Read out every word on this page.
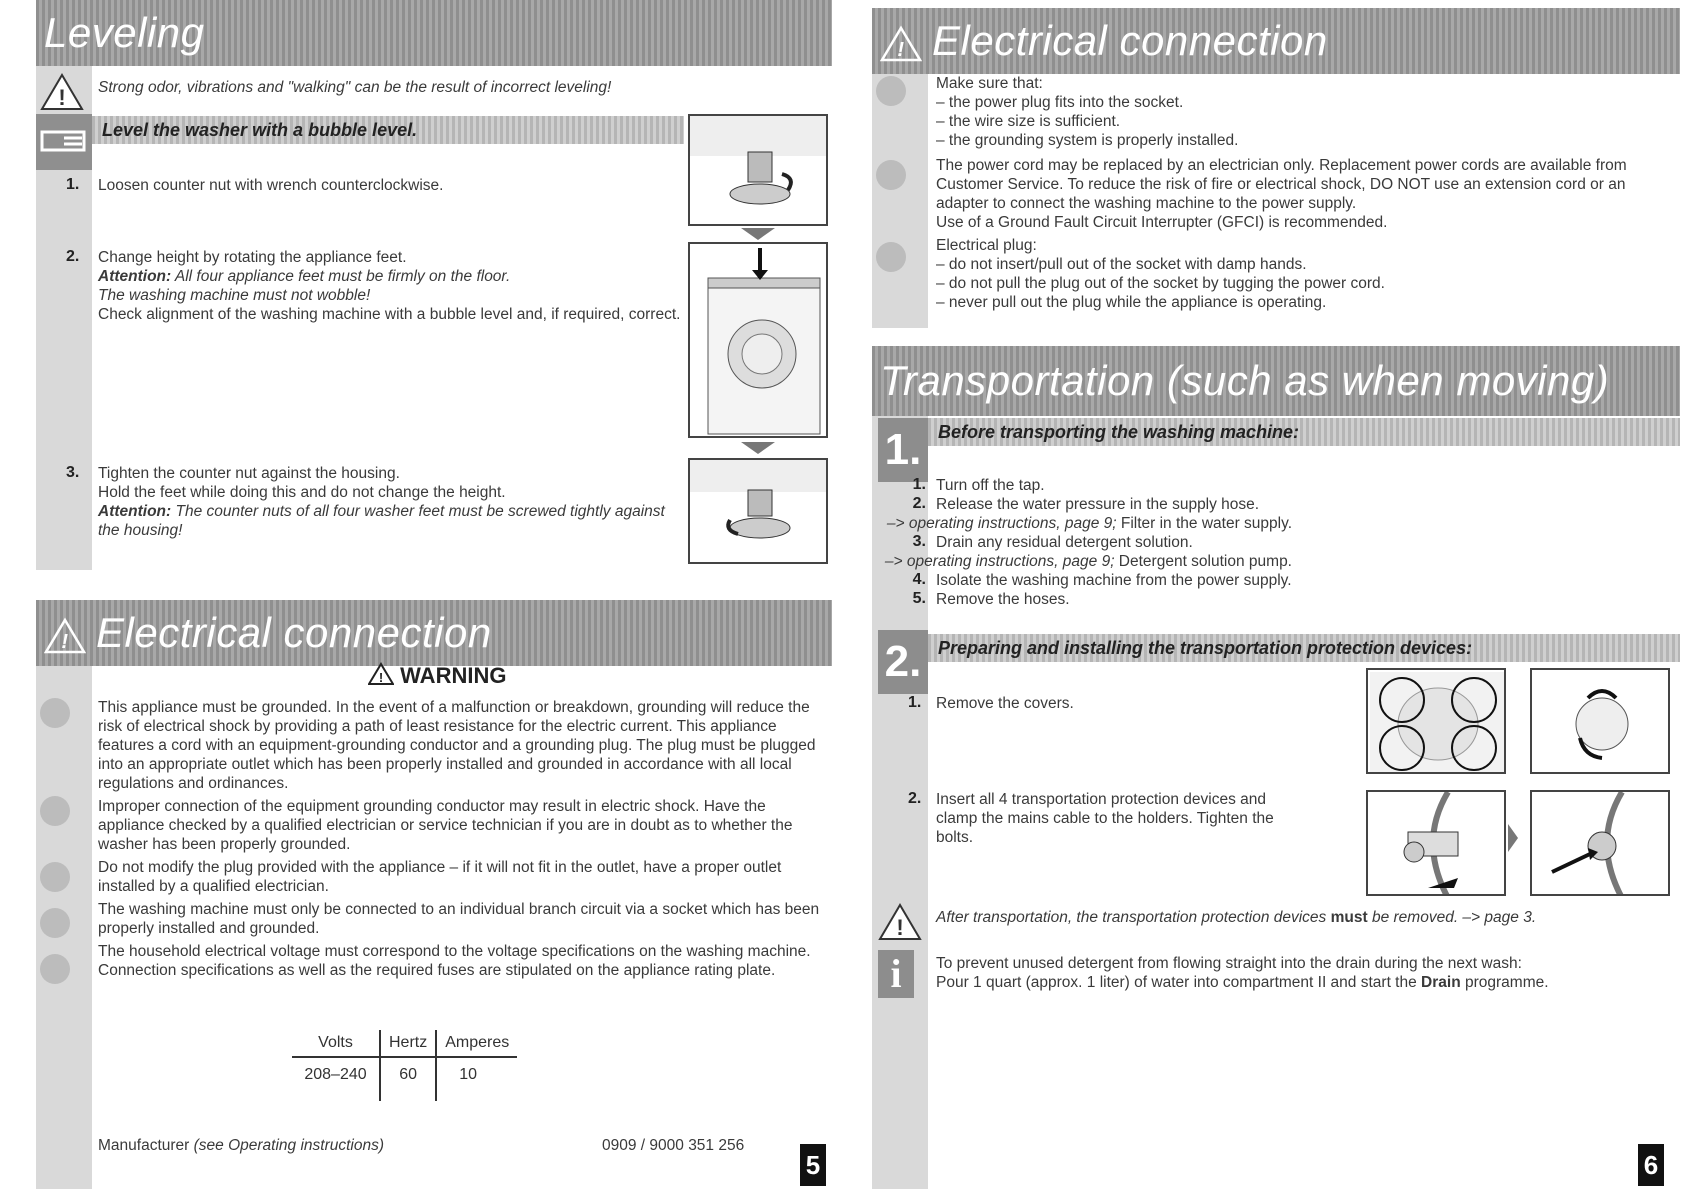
Leveling
! Strong odor, vibrations and "walking" can be the result of incorrect leveling!
Level the washer with a bubble level.
1. Loosen counter nut with wrench counterclockwise.
2. Change height by rotating the appliance feet.

Attention: All four appliance feet must be firmly on the floor.

The washing machine must not wobble!

Check alignment of the washing machine with a bubble level and, if required, correct.

3. Tighten the counter nut against the housing.

Hold the feet while doing this and do not change the height.

Attention: The counter nuts of all four washer feet must be screwed tightly against the housing!

! Electrical connection
! WARNING

This appliance must be grounded. In the event of a malfunction or breakdown, grounding will reduce the risk of electrical shock by providing a path of least resistance for the electric current. This appliance features a cord with an equipment-grounding conductor and a grounding plug. The plug must be plugged into an appropriate outlet which has been properly installed and grounded in accordance with all local regulations and ordinances.

Improper connection of the equipment grounding conductor may result in electric shock. Have the appliance checked by a qualified electrician or service technician if you are in doubt as to whether the washer has been properly grounded.

Do not modify the plug provided with the appliance – if it will not fit in the outlet, have a proper outlet installed by a qualified electrician.

The washing machine must only be connected to an individual branch circuit via a socket which has been properly installed and grounded.

The household electrical voltage must correspond to the voltage specifications on the washing machine.

Connection specifications as well as the required fuses are stipulated on the appliance rating plate.

Volts	Hertz	Amperes
208–240	60	10
Manufacturer (see Operating instructions)	0909 / 9000 351 256
5
! Electrical connection

Make sure that:

– the power plug fits into the socket.

– the wire size is sufficient.

– the grounding system is properly installed.

The power cord may be replaced by an electrician only. Replacement power cords are available from Customer Service. To reduce the risk of fire or electrical shock, DO NOT use an extension cord or an adapter to connect the washing machine to the power supply.

Use of a Ground Fault Circuit Interrupter (GFCI) is recommended.

Electrical plug:

– do not insert/pull out of the socket with damp hands.

– do not pull the plug out of the socket by tugging the power cord.

– never pull out the plug while the appliance is operating.

Transportation (such as when moving)
1. Before transporting the washing machine:
1. Turn off the tap.
2. Release the water pressure in the supply hose.
–> operating instructions, page 9; Filter in the water supply.
3. Drain any residual detergent solution.
–> operating instructions, page 9; Detergent solution pump.
4. Isolate the washing machine from the power supply.
5. Remove the hoses.
2. Preparing and installing the transportation protection devices:
1. Remove the covers.
2. Insert all 4 transportation protection devices and clamp the mains cable to the holders. Tighten the bolts.
! After transportation, the transportation protection devices must be removed. –> page 3.
i	To prevent unused detergent from flowing straight into the drain during the next wash:

Pour 1 quart (approx. 1 liter) of water into compartment II and start the Drain programme.

6
